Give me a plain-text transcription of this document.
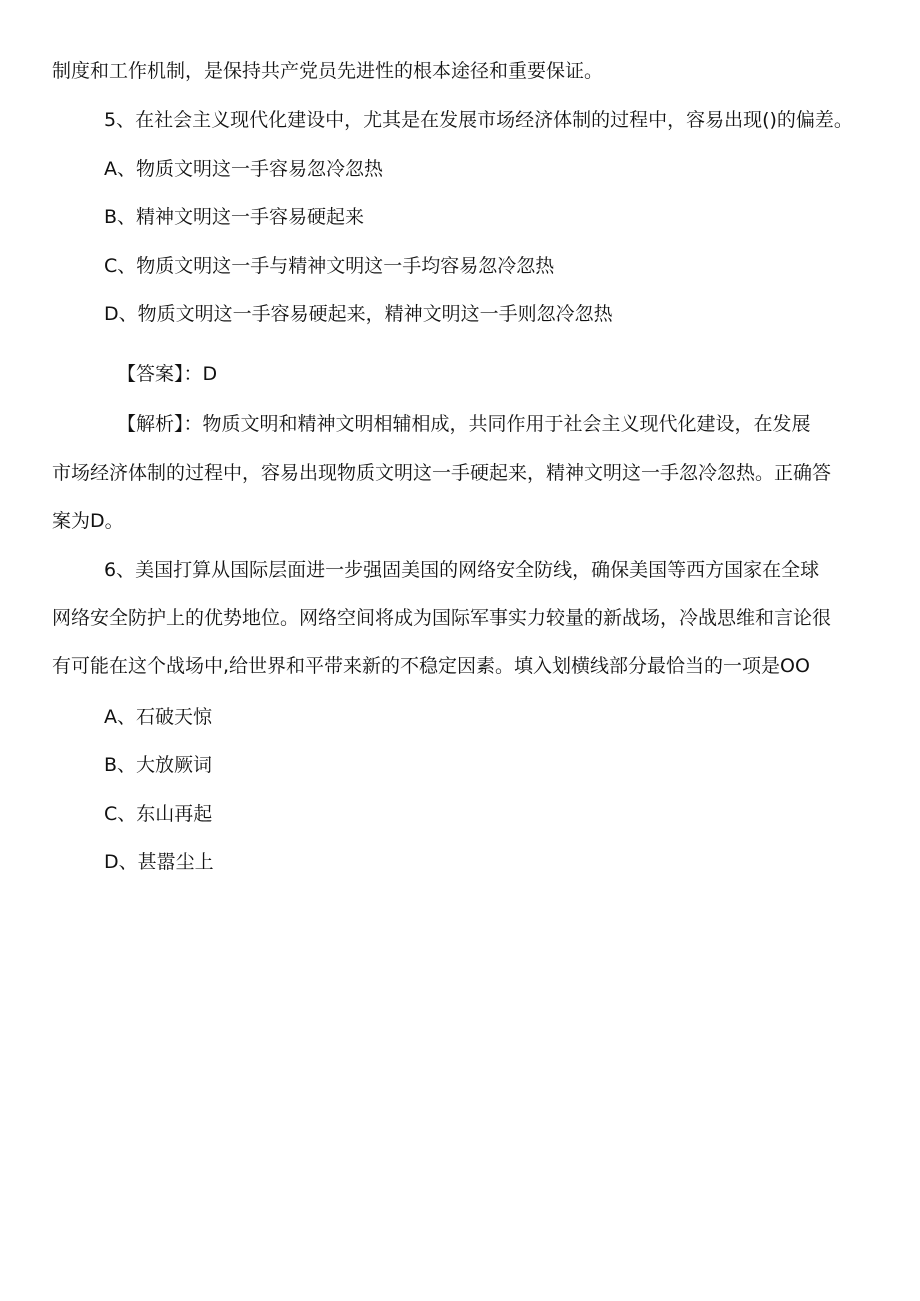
制度和工作机制，是保持共产党员先进性的根本途径和重要保证。
5、在社会主义现代化建设中，尤其是在发展市场经济体制的过程中，容易出现()的偏差。
A、物质文明这一手容易忽冷忽热
B、精神文明这一手容易硬起来
C、物质文明这一手与精神文明这一手均容易忽冷忽热
D、物质文明这一手容易硬起来，精神文明这一手则忽冷忽热
【答案】：D
【解析】：物质文明和精神文明相辅相成，共同作用于社会主义现代化建设，在发展
市场经济体制的过程中，容易出现物质文明这一手硬起来，精神文明这一手忽冷忽热。正确答
案为D。
6、美国打算从国际层面进一步强固美国的网络安全防线，确保美国等西方国家在全球
网络安全防护上的优势地位。网络空间将成为国际军事实力较量的新战场，冷战思维和言论很
有可能在这个战场中,给世界和平带来新的不稳定因素。填入划横线部分最恰当的一项是OO
A、石破天惊
B、大放厥词
C、东山再起
D、甚嚣尘上
